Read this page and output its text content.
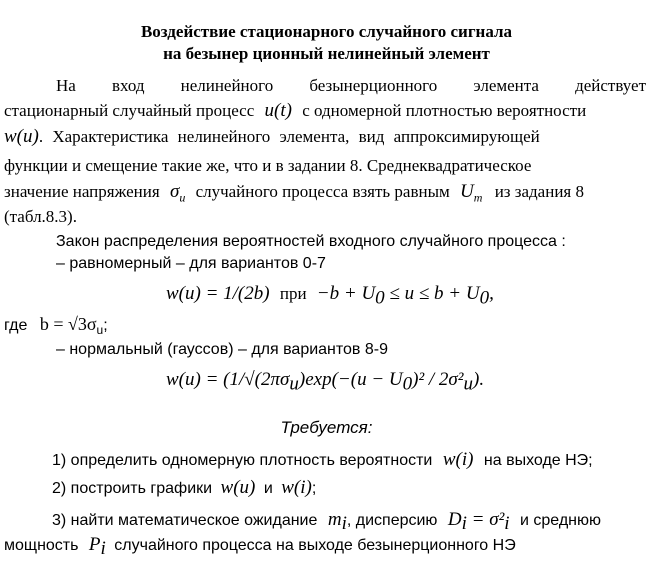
Воздействие стационарного случайного сигнала
на безынер ционный нелинейный элемент
На вход нелинейного безынерционного элемента действует
стационарный случайный процесс u(t) с одномерной плотностью вероятности
w(u). Характеристика нелинейного элемента, вид аппроксимирующей
функции и смещение такие же, что и в задании 8. Среднеквадратическое
значение напряжения $\sigma_u$ случайного процесса взять равным $U_m$ из задания 8
(табл.8.3).
Закон распределения вероятностей входного случайного процесса :
– равномерный – для вариантов 0-7
w(u) = 1/(2b) при $-b + U_0 \le u \le b + U_0$,
где $b = √3\sigma_u$;
– нормальный (гауссов) – для вариантов 8-9
$w(u) = (1/√(2\pi\sigma_u)\exp(-(u - U_0)^2 / 2\sigma^2_u)$.
Требуется:
1) определить одномерную плотность вероятности w(i) на выходе НЭ;
2) построить графики w(u) и w(i);
3) найти математическое ожидание $m_i$, дисперсию $D_i = \sigma^2_i$ и среднюю
мощность $P_i$ случайного процесса на выходе безынерционного НЭ
